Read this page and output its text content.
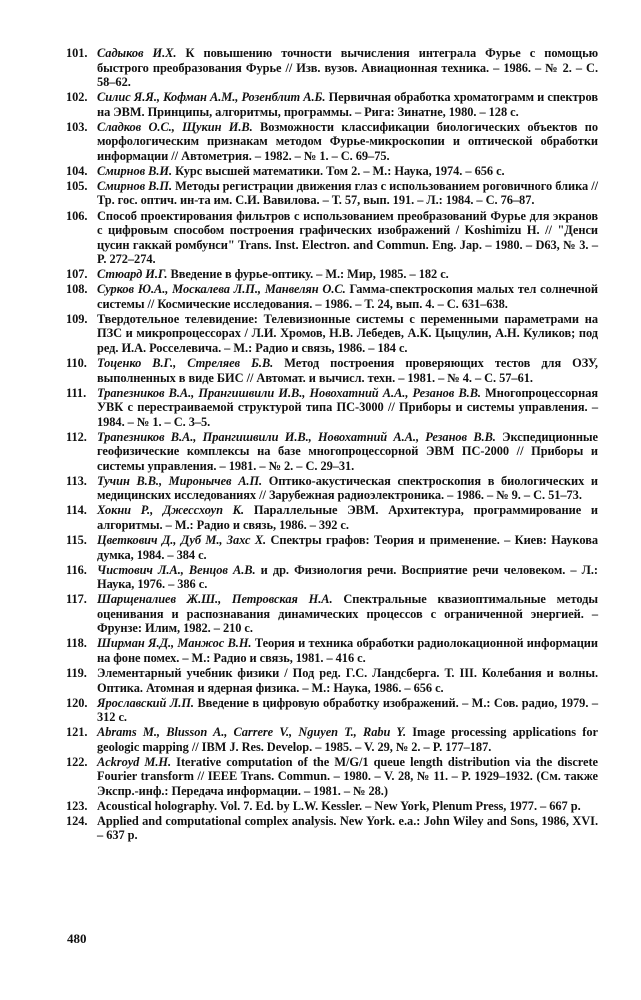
101. Садыков И.Х. К повышению точности вычисления интеграла Фурье с помощью быстрого преобразования Фурье // Изв. вузов. Авиационная техника. – 1986. – № 2. – С. 58–62.
102. Силис Я.Я., Кофман А.М., Розенблит А.Б. Первичная обработка хроматограмм и спектров на ЭВМ. Принципы, алгоритмы, программы. – Рига: Зинатне, 1980. – 128 с.
103. Сладков О.С., Щукин И.В. Возможности классификации биологических объектов по морфологическим признакам методом Фурье-микроскопии и оптической обработки информации // Автометрия. – 1982. – № 1. – С. 69–75.
104. Смирнов В.И. Курс высшей математики. Том 2. – М.: Наука, 1974. – 656 с.
105. Смирнов В.П. Методы регистрации движения глаз с использованием роговичного блика // Тр. гос. оптич. ин-та им. С.И. Вавилова. – Т. 57, вып. 191. – Л.: 1984. – С. 76–87.
106. Способ проектирования фильтров с использованием преобразований Фурье для экранов с цифровым способом построения графических изображений / Koshimizu H. // "Денси цусин гаккай ромбунси" Trans. Inst. Electron. and Commun. Eng. Jap. – 1980. – D63, № 3. – P. 272–274.
107. Стюард И.Г. Введение в фурье-оптику. – М.: Мир, 1985. – 182 с.
108. Сурков Ю.А., Москалева Л.П., Манвелян О.С. Гамма-спектроскопия малых тел солнечной системы // Космические исследования. – 1986. – Т. 24, вып. 4. – С. 631–638.
109. Твердотельное телевидение: Телевизионные системы с переменными параметрами на ПЗС и микропроцессорах / Л.И. Хромов, Н.В. Лебедев, А.К. Цыцулин, А.Н. Куликов; под ред. И.А. Росселевича. – М.: Радио и связь, 1986. – 184 с.
110. Тоценко В.Г., Стреляев Б.В. Метод построения проверяющих тестов для ОЗУ, выполненных в виде БИС // Автомат. и вычисл. техн. – 1981. – № 4. – С. 57–61.
111. Трапезников В.А., Прангишвили И.В., Новохатний А.А., Резанов В.В. Многопроцессорная УВК с перестраиваемой структурой типа ПС-3000 // Приборы и системы управления. – 1984. – № 1. – С. 3–5.
112. Трапезников В.А., Прангишвили И.В., Новохатний А.А., Резанов В.В. Экспедиционные геофизические комплексы на базе многопроцессорной ЭВМ ПС-2000 // Приборы и системы управления. – 1981. – № 2. – С. 29–31.
113. Тучин В.В., Миронычев А.П. Оптико-акустическая спектроскопия в биологических и медицинских исследованиях // Зарубежная радиоэлектроника. – 1986. – № 9. – С. 51–73.
114. Хокни Р., Джессхоуп К. Параллельные ЭВМ. Архитектура, программирование и алгоритмы. – М.: Радио и связь, 1986. – 392 с.
115. Цветкович Д., Дуб М., Захс Х. Спектры графов: Теория и применение. – Киев: Наукова думка, 1984. – 384 с.
116. Чистович Л.А., Венцов А.В. и др. Физиология речи. Восприятие речи человеком. – Л.: Наука, 1976. – 386 с.
117. Шарщеналиев Ж.Ш., Петровская Н.А. Спектральные квазиоптимальные методы оценивания и распознавания динамических процессов с ограниченной энергией. – Фрунзе: Илим, 1982. – 210 с.
118. Ширман Я.Д., Манжос В.Н. Теория и техника обработки радиолокационной информации на фоне помех. – М.: Радио и связь, 1981. – 416 с.
119. Элементарный учебник физики / Под ред. Г.С. Ландсберга. Т. III. Колебания и волны. Оптика. Атомная и ядерная физика. – М.: Наука, 1986. – 656 с.
120. Ярославский Л.П. Введение в цифровую обработку изображений. – М.: Сов. радио, 1979. – 312 с.
121. Abrams M., Blusson A., Carrere V., Nguyen T., Rabu Y. Image processing applications for geologic mapping // IBM J. Res. Develop. – 1985. – V. 29, № 2. – P. 177–187.
122. Ackroyd M.H. Iterative computation of the M/G/1 queue length distribution via the discrete Fourier transform // IEEE Trans. Commun. – 1980. – V. 28, № 11. – P. 1929–1932. (См. также Экспр.-инф.: Передача информации. – 1981. – № 28.)
123. Acoustical holography. Vol. 7. Ed. by L.W. Kessler. – New York, Plenum Press, 1977. – 667 p.
124. Applied and computational complex analysis. New York. e.a.: John Wiley and Sons, 1986, XVI. – 637 p.
480
